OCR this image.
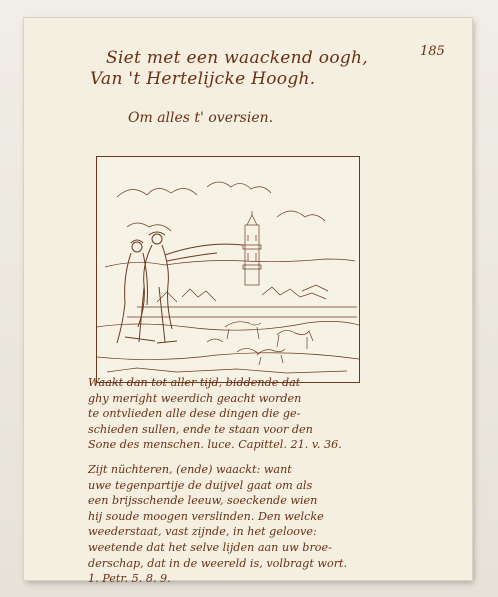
185
Siet met een waackend oogh,
Van 't Hertelijcke Hoogh.
Om alles t' oversien.
Waakt dan tot aller tijd, biddende dat
ghy meright weerdich geacht worden
te ontvlieden alle dese dingen die ge-
schieden sullen, ende te staan voor den
Sone des menschen. luce. Capittel. 21. v. 36.
Zijt nüchteren, (ende) waackt: want
uwe tegenpartije de duijvel gaat om als
een brijsschende leeuw, soeckende wien
hij soude moogen verslinden. Den welcke
weederstaat, vast zijnde, in het geloove:
weetende dat het selve lijden aan uw broe-
derschap, dat in de weereld is, volbragt wort.
1. Petr. 5. 8. 9.
